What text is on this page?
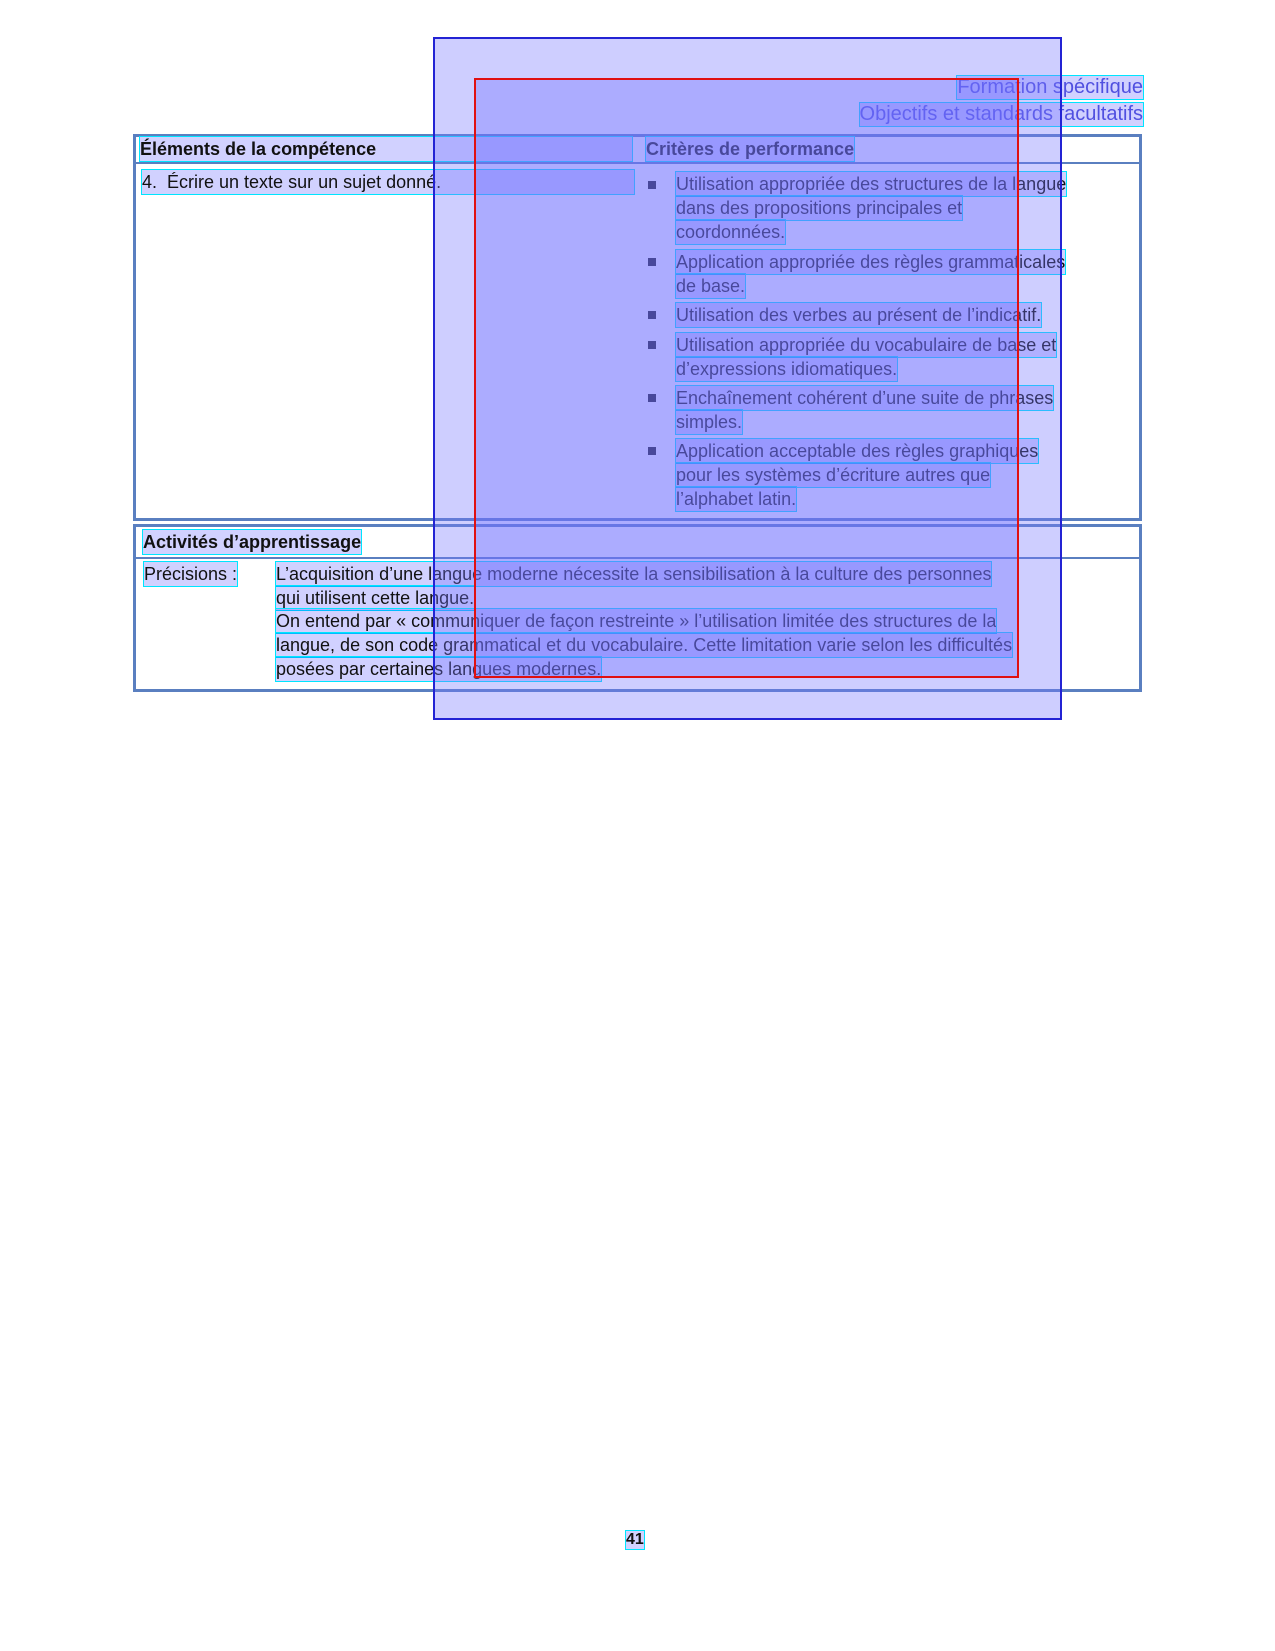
Formation spécifique
Objectifs et standards facultatifs
Éléments de la compétence	Critères de performance
4.  Écrire un texte sur un sujet donné.	Utilisation appropriée des structures de la langue
dans des propositions principales et
coordonnées.
Application appropriée des règles grammaticales
de base.
Utilisation des verbes au présent de l’indicatif.
Utilisation appropriée du vocabulaire de base et
d’expressions idiomatiques.
Enchaînement cohérent d’une suite de phrases
simples.
Application acceptable des règles graphiques
pour les systèmes d’écriture autres que
l’alphabet latin.
Activités d’apprentissage
Précisions : L’acquisition d’une langue moderne nécessite la sensibilisation à la culture des personnes
qui utilisent cette langue.
On entend par « communiquer de façon restreinte » l’utilisation limitée des structures de la
langue, de son code grammatical et du vocabulaire. Cette limitation varie selon les difficultés
posées par certaines langues modernes.
41
